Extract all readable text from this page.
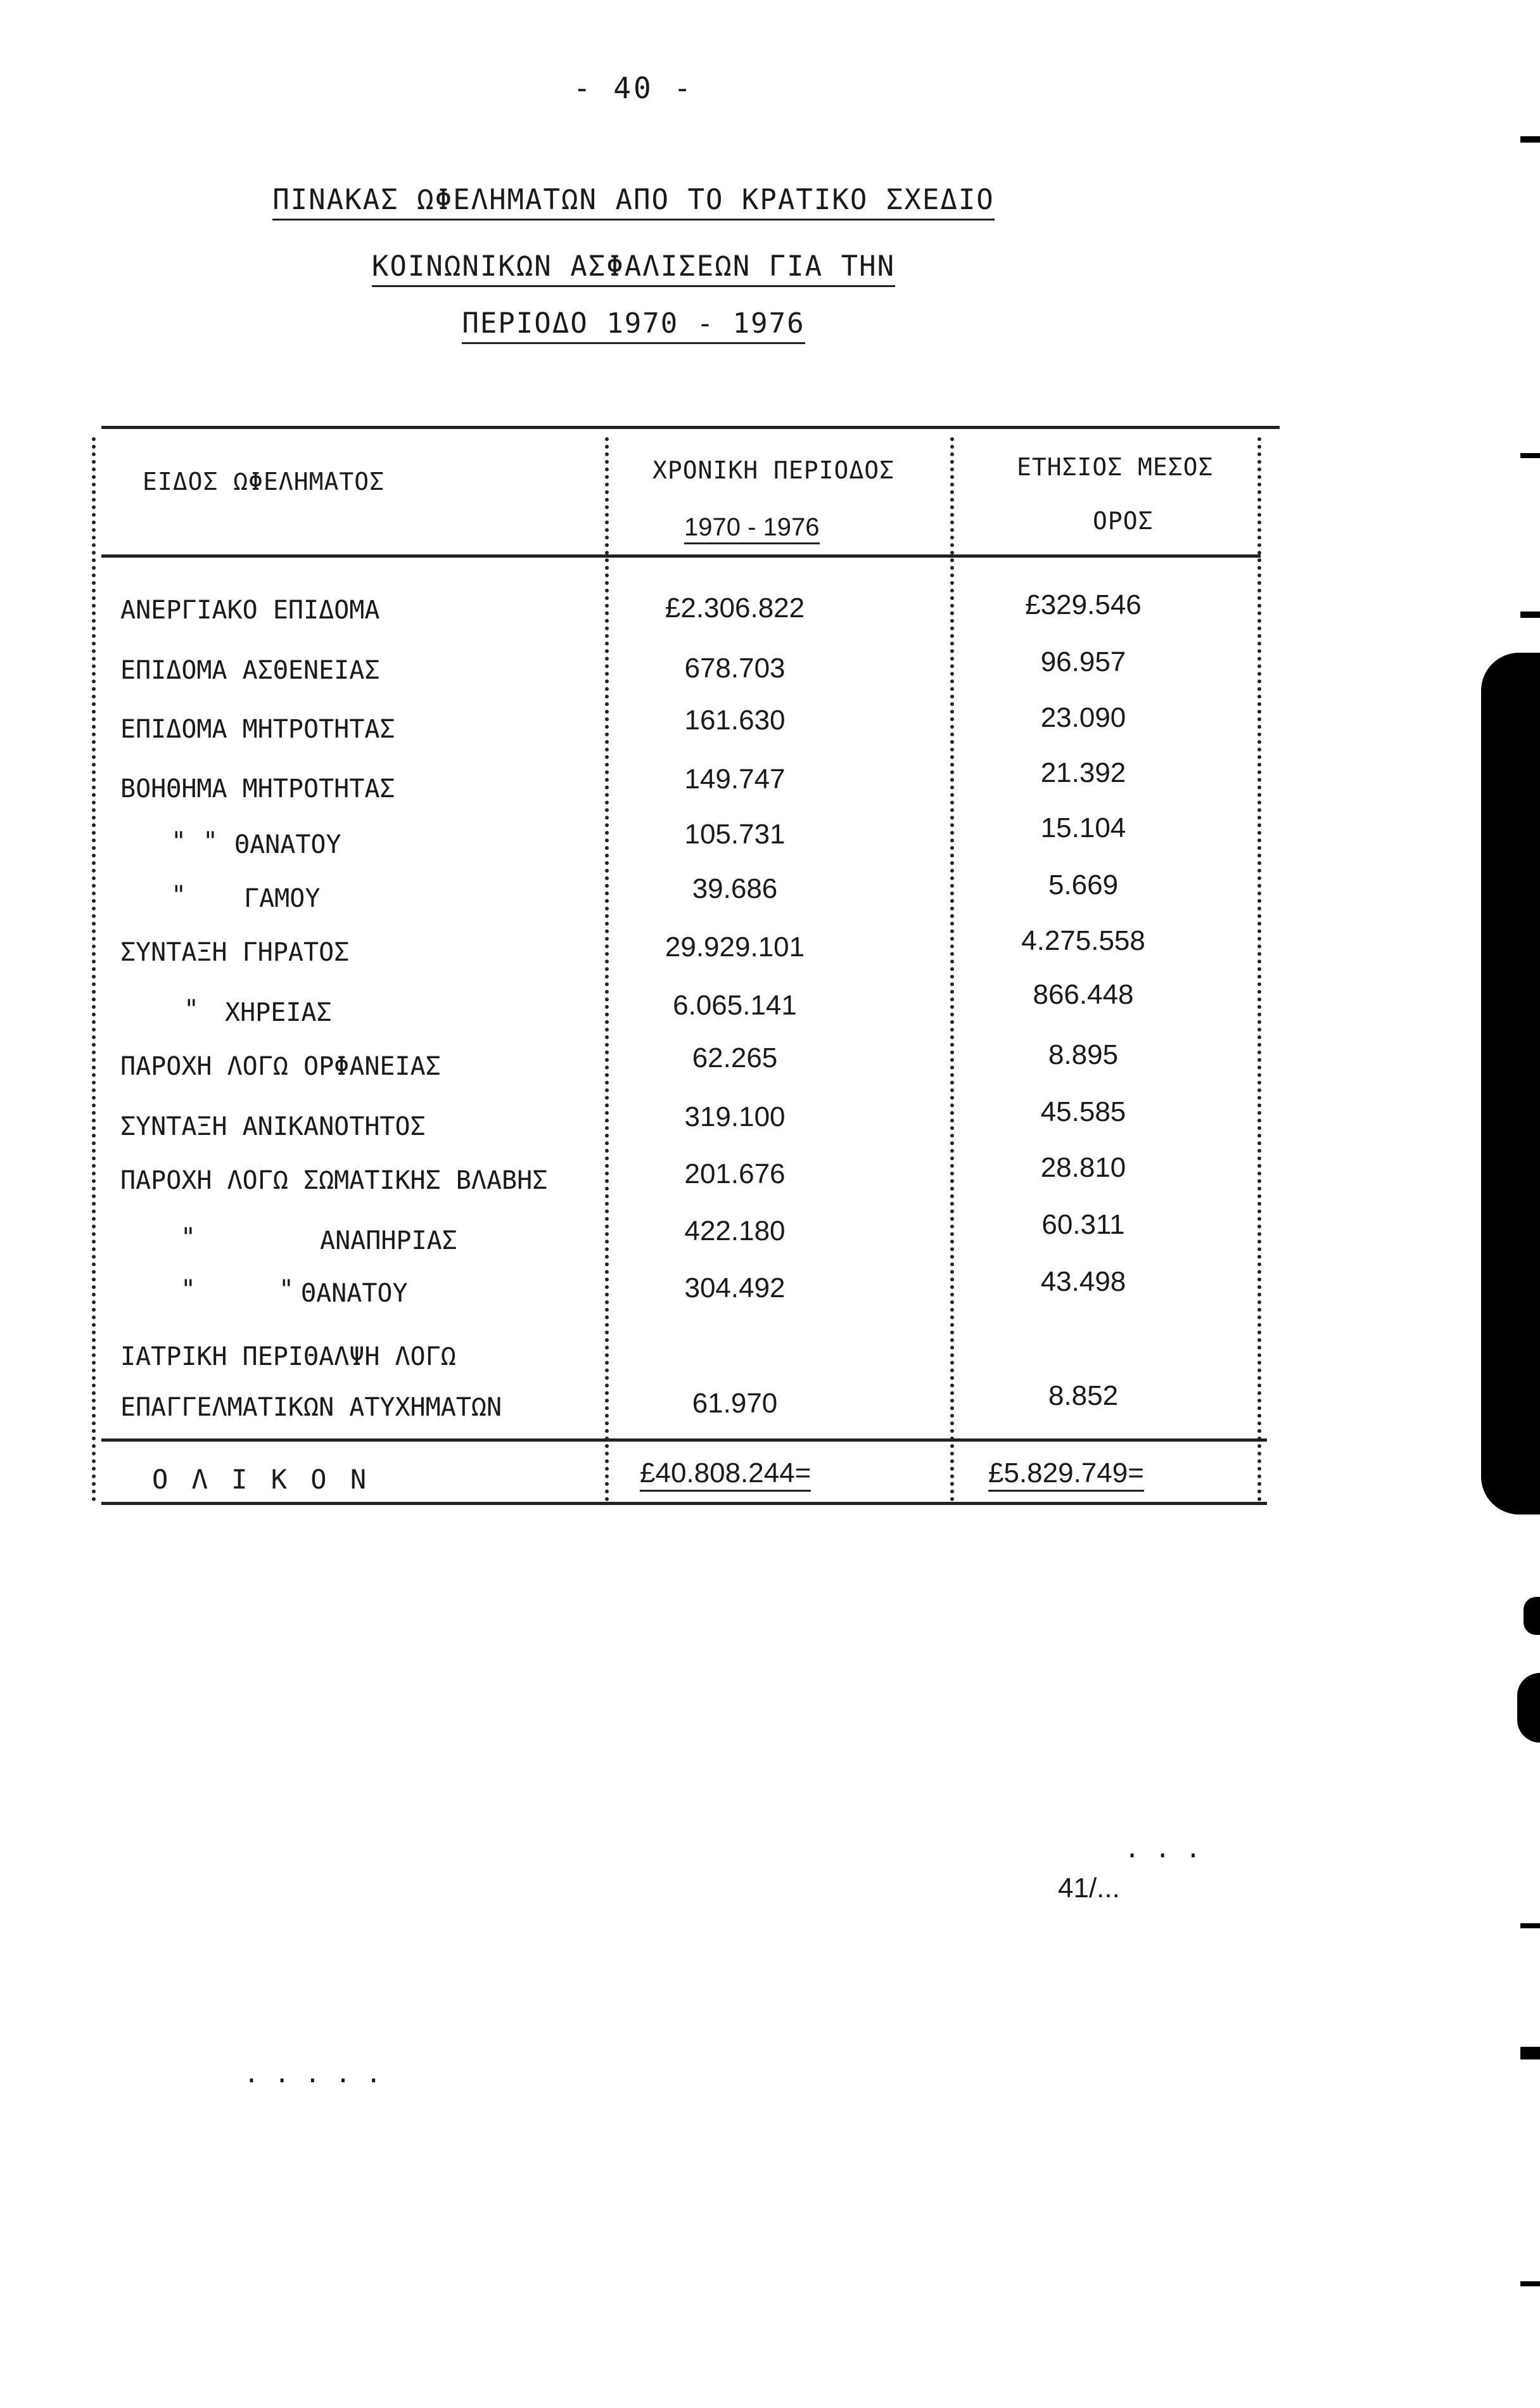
- 40 -
ΠΙΝΑΚΑΣ ΩΦΕΛΗΜΑΤΩΝ ΑΠΟ ΤΟ ΚΡΑΤΙΚΟ ΣΧΕΔΙΟ
ΚΟΙΝΩΝΙΚΩΝ ΑΣΦΑΛΙΣΕΩΝ ΓΙΑ ΤΗΝ
ΠΕΡΙΟΔΟ 1970 - 1976
ΕΙΔΟΣ ΩΦΕΛΗΜΑΤΟΣ	ΧΡΟΝΙΚΗ ΠΕΡΙΟΔΟΣ
1970 - 1976
ΕΤΗΣΙΟΣ ΜΕΣΟΣ
ΟΡΟΣ
ΑΝΕΡΓΙΑΚΟ ΕΠΙΔΟΜΑ	£2.306.822	£329.546
ΕΠΙΔΟΜΑ ΑΣΘΕΝΕΙΑΣ	678.703	96.957
ΕΠΙΔΟΜΑ ΜΗΤΡΟΤΗΤΑΣ	161.630	23.090
ΒΟΗΘΗΜΑ ΜΗΤΡΟΤΗΤΑΣ	149.747	21.392
" " ΘΑΝΑΤΟΥ	105.731	15.104
" ΓΑΜΟΥ	39.686	5.669
ΣΥΝΤΑΞΗ ΓΗΡΑΤΟΣ	29.929.101	4.275.558
" ΧΗΡΕΙΑΣ	6.065.141	866.448
ΠΑΡΟΧΗ ΛΟΓΩ ΟΡΦΑΝΕΙΑΣ	62.265	8.895
ΣΥΝΤΑΞΗ ΑΝΙΚΑΝΟΤΗΤΟΣ	319.100	45.585
ΠΑΡΟΧΗ ΛΟΓΩ ΣΩΜΑΤΙΚΗΣ ΒΛΑΒΗΣ	201.676	28.810
"	ΑΝΑΠΗΡΙΑΣ	422.180	60.311
"	" ΘΑΝΑΤΟΥ	304.492	43.498
ΙΑΤΡΙΚΗ ΠΕΡΙΘΑΛΨΗ ΛΟΓΩ
ΕΠΑΓΓΕΛΜΑΤΙΚΩΝ ΑΤΥΧΗΜΑΤΩΝ	61.970	8.852
Ο Λ Ι Κ Ο Ν	£40.808.244=	£5.829.749=
. . .
41/...
. . . . .
